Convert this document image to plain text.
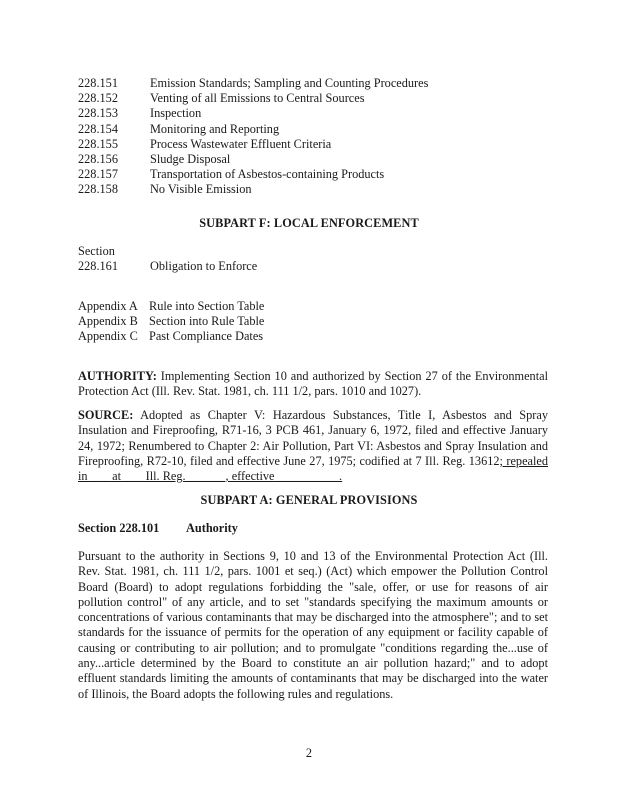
228.151	Emission Standards; Sampling and Counting Procedures
228.152	Venting of all Emissions to Central Sources
228.153	Inspection
228.154	Monitoring and Reporting
228.155	Process Wastewater Effluent Criteria
228.156	Sludge Disposal
228.157	Transportation of Asbestos-containing Products
228.158	No Visible Emission
SUBPART F: LOCAL ENFORCEMENT
Section
228.161	Obligation to Enforce
Appendix A Rule into Section Table
Appendix B Section into Rule Table
Appendix C Past Compliance Dates
AUTHORITY: Implementing Section 10 and authorized by Section 27 of the Environmental Protection Act (Ill. Rev. Stat. 1981, ch. 111 1/2, pars. 1010 and 1027).
SOURCE: Adopted as Chapter V: Hazardous Substances, Title I, Asbestos and Spray Insulation and Fireproofing, R71-16, 3 PCB 461, January 6, 1972, filed and effective January 24, 1972; Renumbered to Chapter 2: Air Pollution, Part VI: Asbestos and Spray Insulation and Fireproofing, R72-10, filed and effective June 27, 1975; codified at 7 Ill. Reg. 13612; repealed in ___ at ___ Ill. Reg. ______, effective __________.
SUBPART A: GENERAL PROVISIONS
Section 228.101	Authority
Pursuant to the authority in Sections 9, 10 and 13 of the Environmental Protection Act (Ill. Rev. Stat. 1981, ch. 111 1/2, pars. 1001 et seq.) (Act) which empower the Pollution Control Board (Board) to adopt regulations forbidding the "sale, offer, or use for reasons of air pollution control" of any article, and to set "standards specifying the maximum amounts or concentrations of various contaminants that may be discharged into the atmosphere"; and to set standards for the issuance of permits for the operation of any equipment or facility capable of causing or contributing to air pollution; and to promulgate "conditions regarding the...use of any...article determined by the Board to constitute an air pollution hazard;" and to adopt effluent standards limiting the amounts of contaminants that may be discharged into the water of Illinois, the Board adopts the following rules and regulations.
2
